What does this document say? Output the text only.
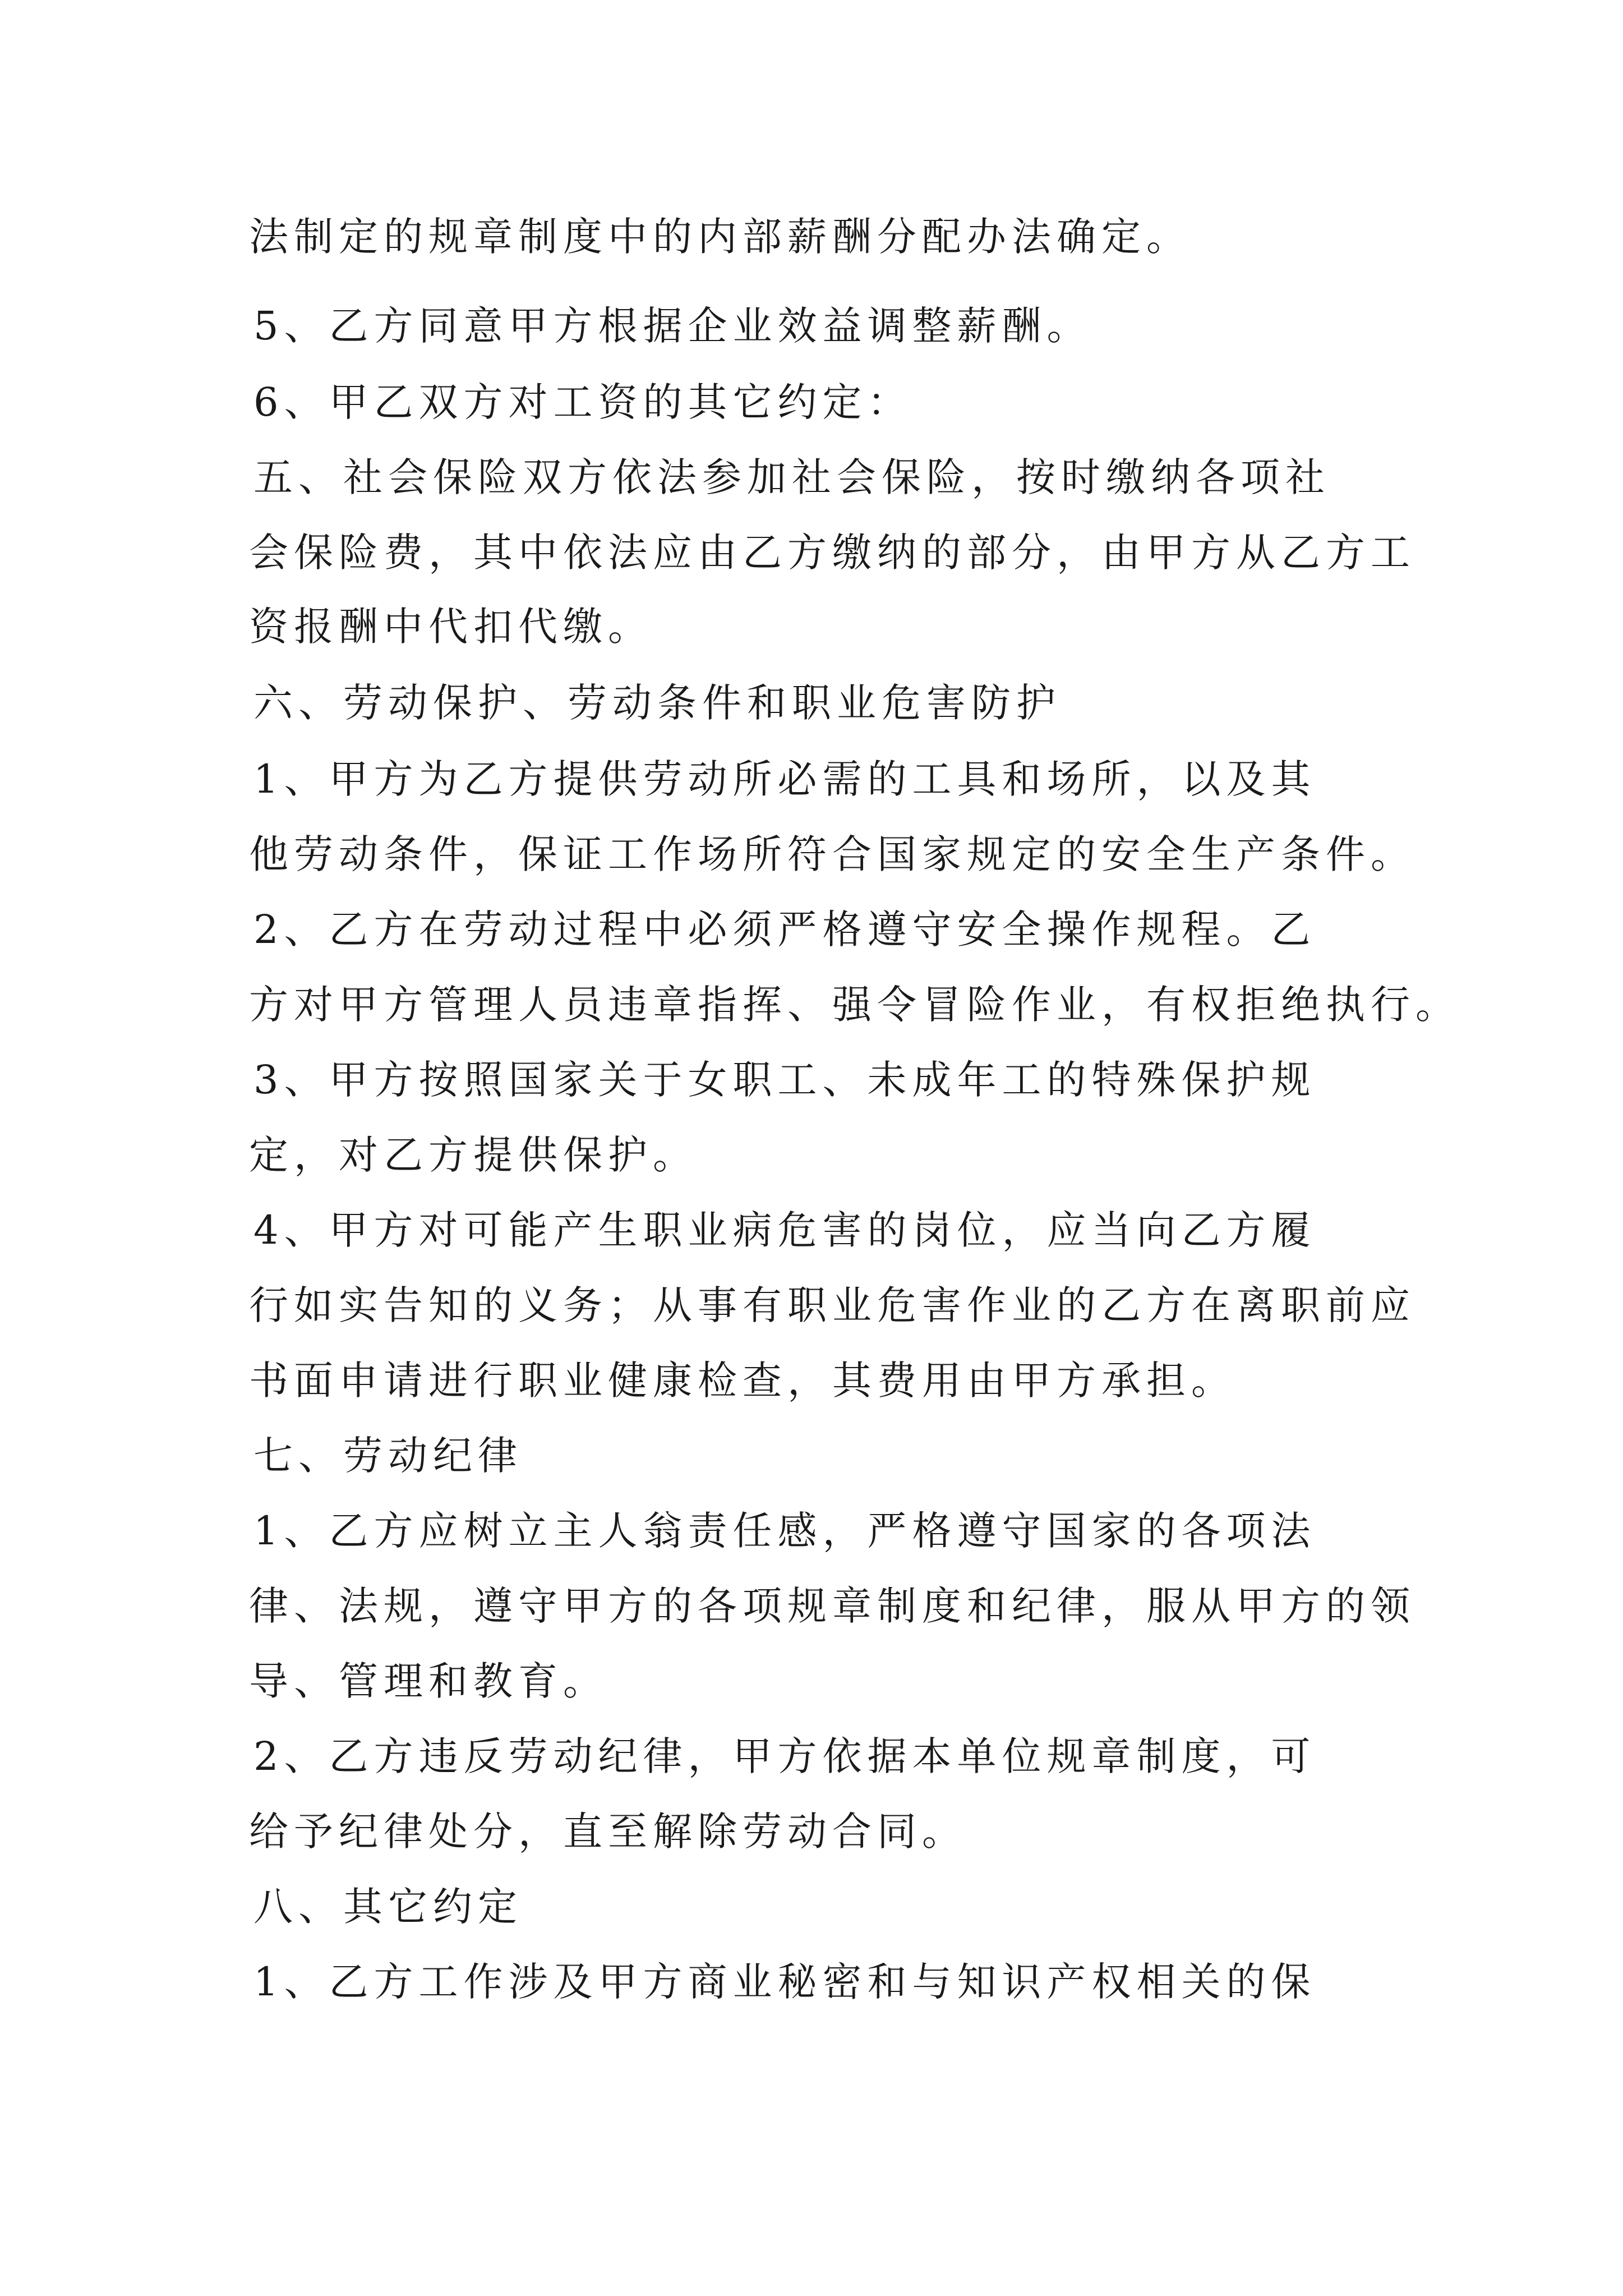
法制定的规章制度中的内部薪酬分配办法确定。
5、乙方同意甲方根据企业效益调整薪酬。
6、甲乙双方对工资的其它约定：
五、社会保险双方依法参加社会保险，按时缴纳各项社
会保险费，其中依法应由乙方缴纳的部分，由甲方从乙方工
资报酬中代扣代缴。
六、劳动保护、劳动条件和职业危害防护
1、甲方为乙方提供劳动所必需的工具和场所，以及其
他劳动条件，保证工作场所符合国家规定的安全生产条件。
2、乙方在劳动过程中必须严格遵守安全操作规程。乙
方对甲方管理人员违章指挥、强令冒险作业，有权拒绝执行。
3、甲方按照国家关于女职工、未成年工的特殊保护规
定，对乙方提供保护。
4、甲方对可能产生职业病危害的岗位，应当向乙方履
行如实告知的义务；从事有职业危害作业的乙方在离职前应
书面申请进行职业健康检查，其费用由甲方承担。
七、劳动纪律
1、乙方应树立主人翁责任感，严格遵守国家的各项法
律、法规，遵守甲方的各项规章制度和纪律，服从甲方的领
导、管理和教育。
2、乙方违反劳动纪律，甲方依据本单位规章制度，可
给予纪律处分，直至解除劳动合同。
八、其它约定
1、乙方工作涉及甲方商业秘密和与知识产权相关的保
